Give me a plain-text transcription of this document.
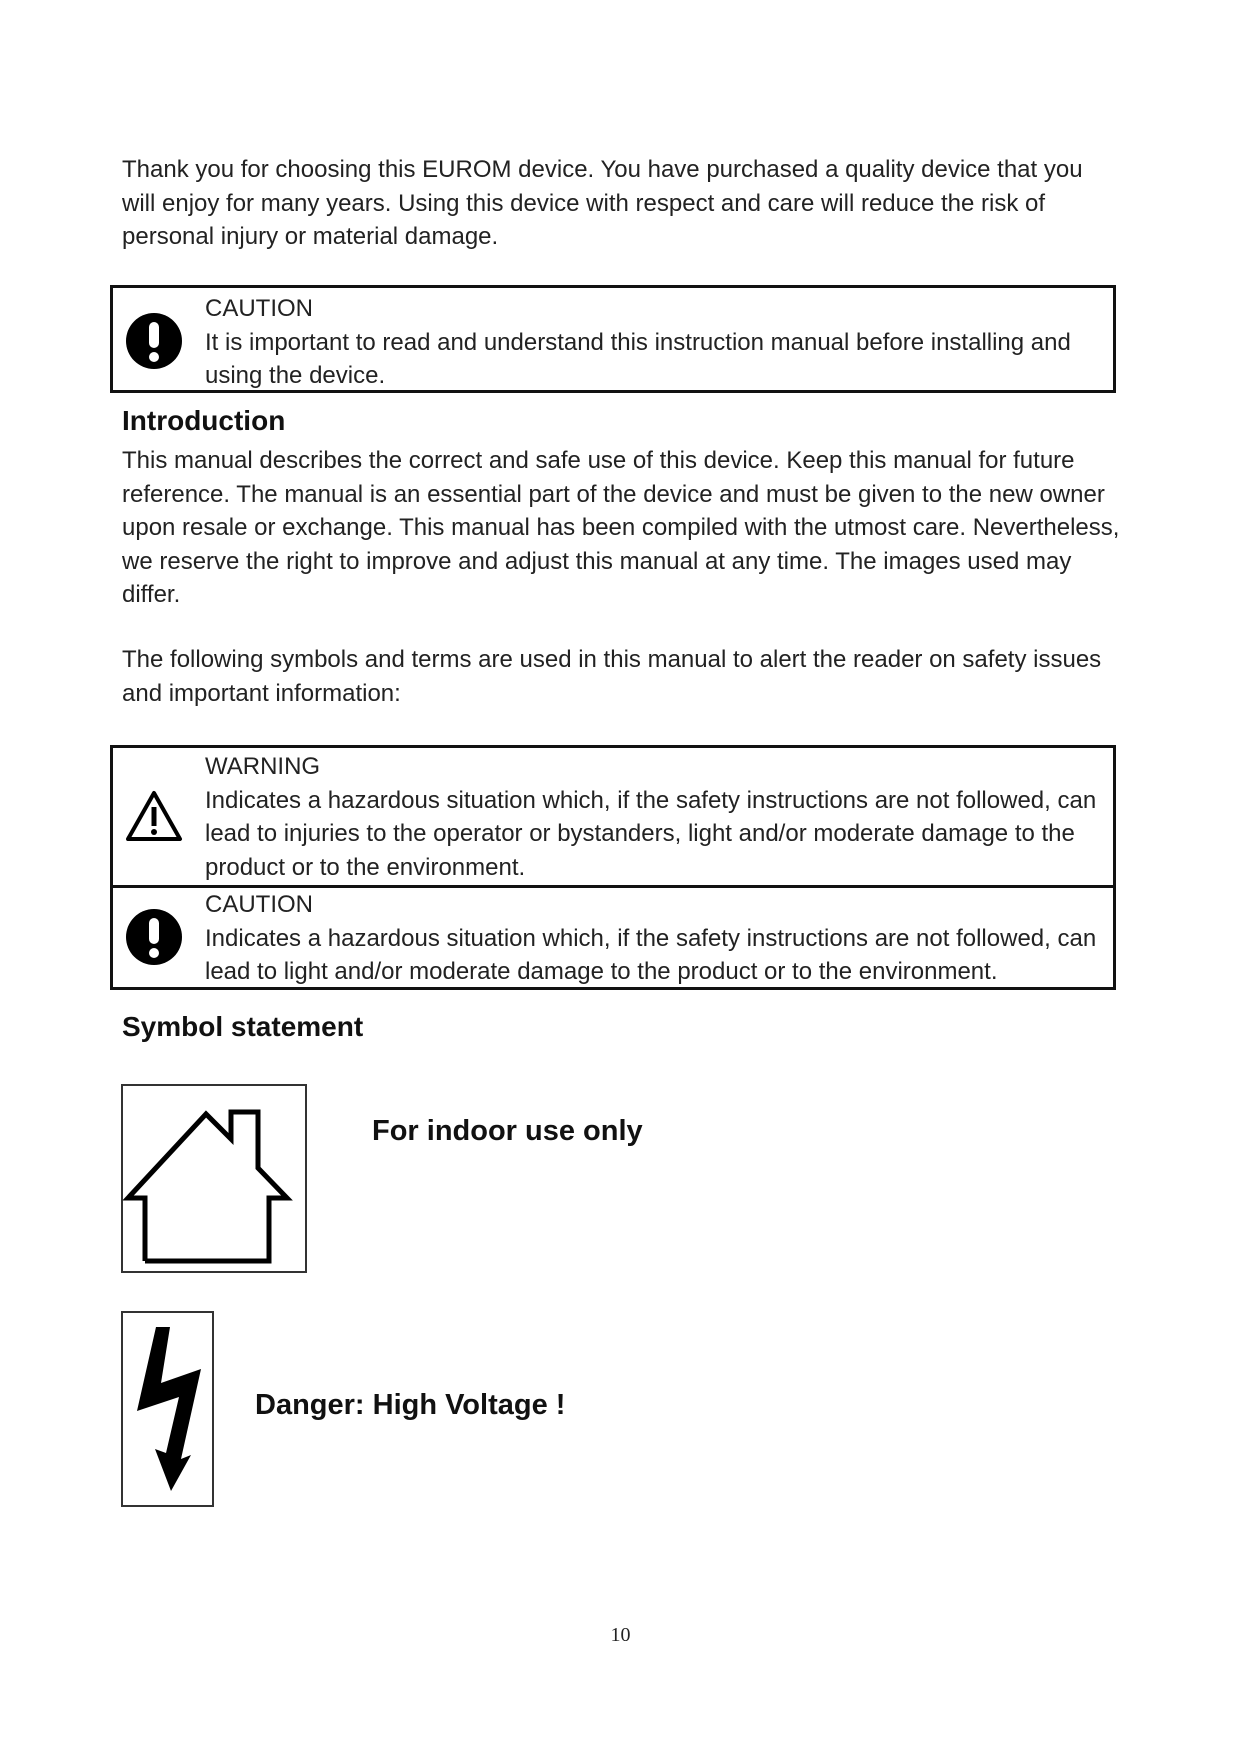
Thank you for choosing this EUROM device. You have purchased a quality device that you will enjoy for many years. Using this device with respect and care will reduce the risk of personal injury or material damage.

CAUTION
It is important to read and understand this instruction manual before installing and using the device.
Introduction

This manual describes the correct and safe use of this device. Keep this manual for future reference. The manual is an essential part of the device and must be given to the new owner upon resale or exchange. This manual has been compiled with the utmost care. Nevertheless, we reserve the right to improve and adjust this manual at any time. The images used may differ.

The following symbols and terms are used in this manual to alert the reader on safety issues and important information:

WARNING
Indicates a hazardous situation which, if the safety instructions are not followed, can lead to injuries to the operator or bystanders, light and/or moderate damage to the product or to the environment.
CAUTION
Indicates a hazardous situation which, if the safety instructions are not followed, can lead to light and/or moderate damage to the product or to the environment.
Symbol statement

For indoor use only

Danger: High Voltage !

10
